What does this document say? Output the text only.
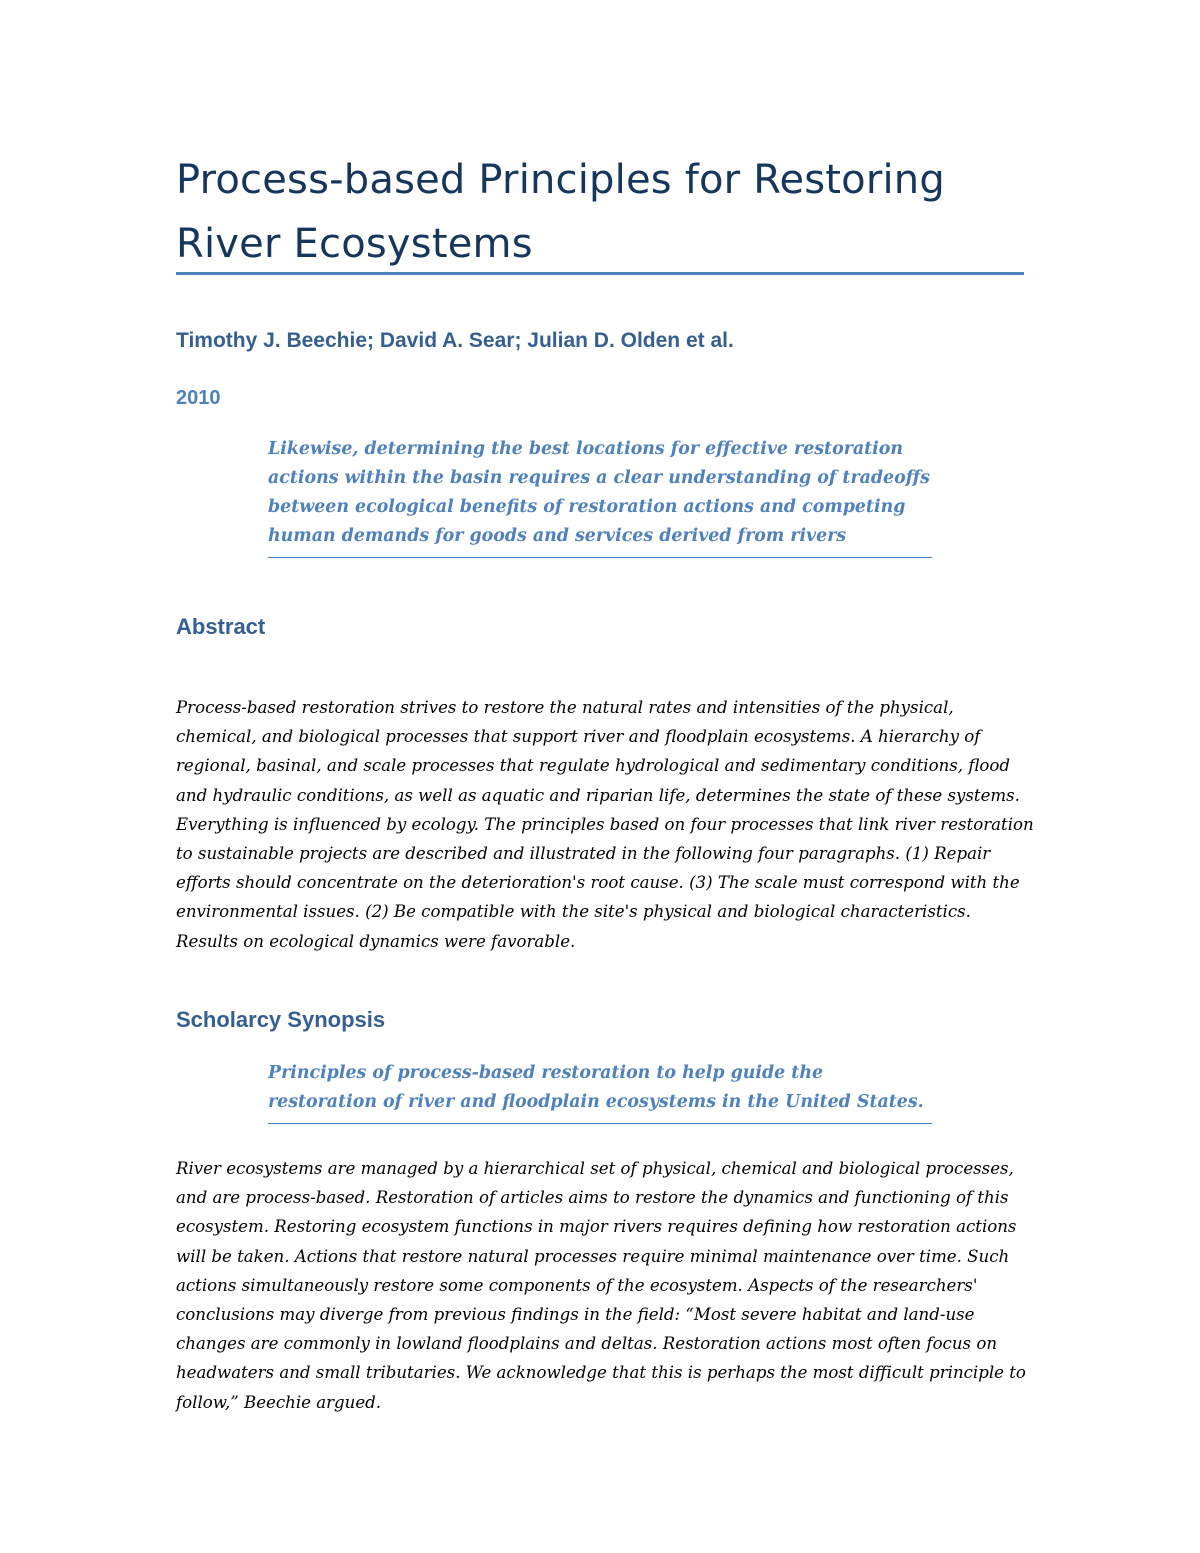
Process-based Principles for Restoring River Ecosystems

Timothy J. Beechie; David A. Sear; Julian D. Olden et al.

2010

Likewise, determining the best locations for effective restoration actions within the basin requires a clear understanding of tradeoffs between ecological benefits of restoration actions and competing human demands for goods and services derived from rivers

Abstract

Process-based restoration strives to restore the natural rates and intensities of the physical, chemical, and biological processes that support river and floodplain ecosystems. A hierarchy of regional, basinal, and scale processes that regulate hydrological and sedimentary conditions, flood and hydraulic conditions, as well as aquatic and riparian life, determines the state of these systems. Everything is influenced by ecology. The principles based on four processes that link river restoration to sustainable projects are described and illustrated in the following four paragraphs. (1) Repair efforts should concentrate on the deterioration's root cause. (3) The scale must correspond with the environmental issues. (2) Be compatible with the site's physical and biological characteristics. Results on ecological dynamics were favorable.

Scholarcy Synopsis

Principles of process-based restoration to help guide the restoration of river and floodplain ecosystems in the United States.

River ecosystems are managed by a hierarchical set of physical, chemical and biological processes, and are process-based. Restoration of articles aims to restore the dynamics and functioning of this ecosystem. Restoring ecosystem functions in major rivers requires defining how restoration actions will be taken. Actions that restore natural processes require minimal maintenance over time. Such actions simultaneously restore some components of the ecosystem. Aspects of the researchers' conclusions may diverge from previous findings in the field: “Most severe habitat and land-use changes are commonly in lowland floodplains and deltas. Restoration actions most often focus on headwaters and small tributaries. We acknowledge that this is perhaps the most difficult principle to follow,” Beechie argued.
